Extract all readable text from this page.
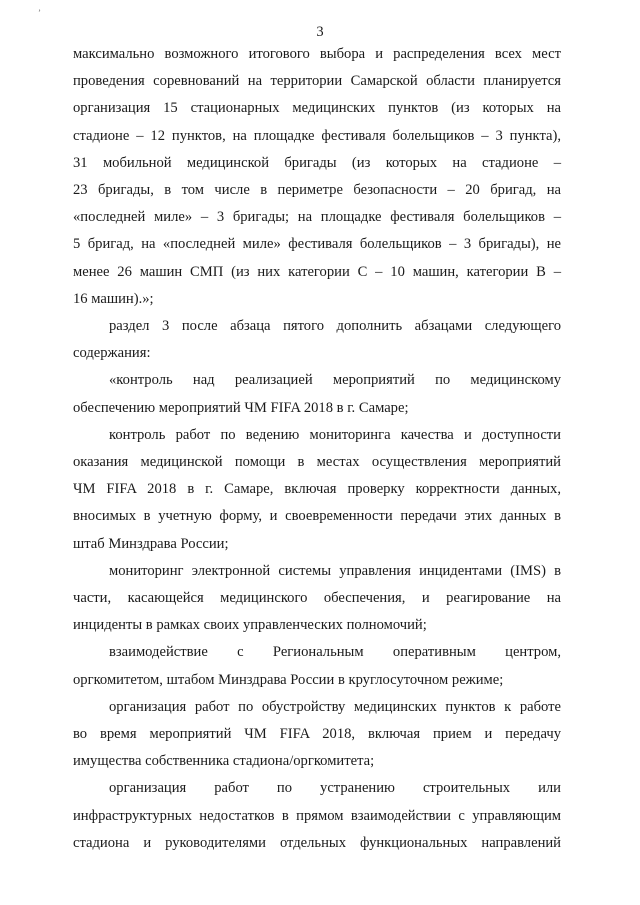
’
3
максимально возможного итогового выбора и распределения всех мест
проведения соревнований на территории Самарской области планируется
организация 15 стационарных медицинских пунктов (из которых на
стадионе – 12 пунктов, на площадке фестиваля болельщиков – 3 пункта),
31 мобильной медицинской бригады (из которых на стадионе –
23 бригады, в том числе в периметре безопасности – 20 бригад, на
«последней миле» – 3 бригады; на площадке фестиваля болельщиков –
5 бригад, на «последней миле» фестиваля болельщиков – 3 бригады), не
менее 26 машин СМП (из них категории С – 10 машин, категории В –
16 машин).»;
раздел 3 после абзаца пятого дополнить абзацами следующего
содержания:
«контроль над реализацией мероприятий по медицинскому
обеспечению мероприятий ЧМ FIFA 2018 в г. Самаре;
контроль работ по ведению мониторинга качества и доступности
оказания медицинской помощи в местах осуществления мероприятий
ЧМ FIFA 2018 в г. Самаре, включая проверку корректности данных,
вносимых в учетную форму, и своевременности передачи этих данных в
штаб Минздрава России;
мониторинг электронной системы управления инцидентами (IMS) в
части, касающейся медицинского обеспечения, и реагирование на
инциденты в рамках своих управленческих полномочий;
взаимодействие с Региональным оперативным центром,
оргкомитетом, штабом Минздрава России в круглосуточном режиме;
организация работ по обустройству медицинских пунктов к работе
во время мероприятий ЧМ FIFA 2018, включая прием и передачу
имущества собственника стадиона/оргкомитета;
организация работ по устранению строительных или
инфраструктурных недостатков в прямом взаимодействии с управляющим
стадиона и руководителями отдельных функциональных направлений
